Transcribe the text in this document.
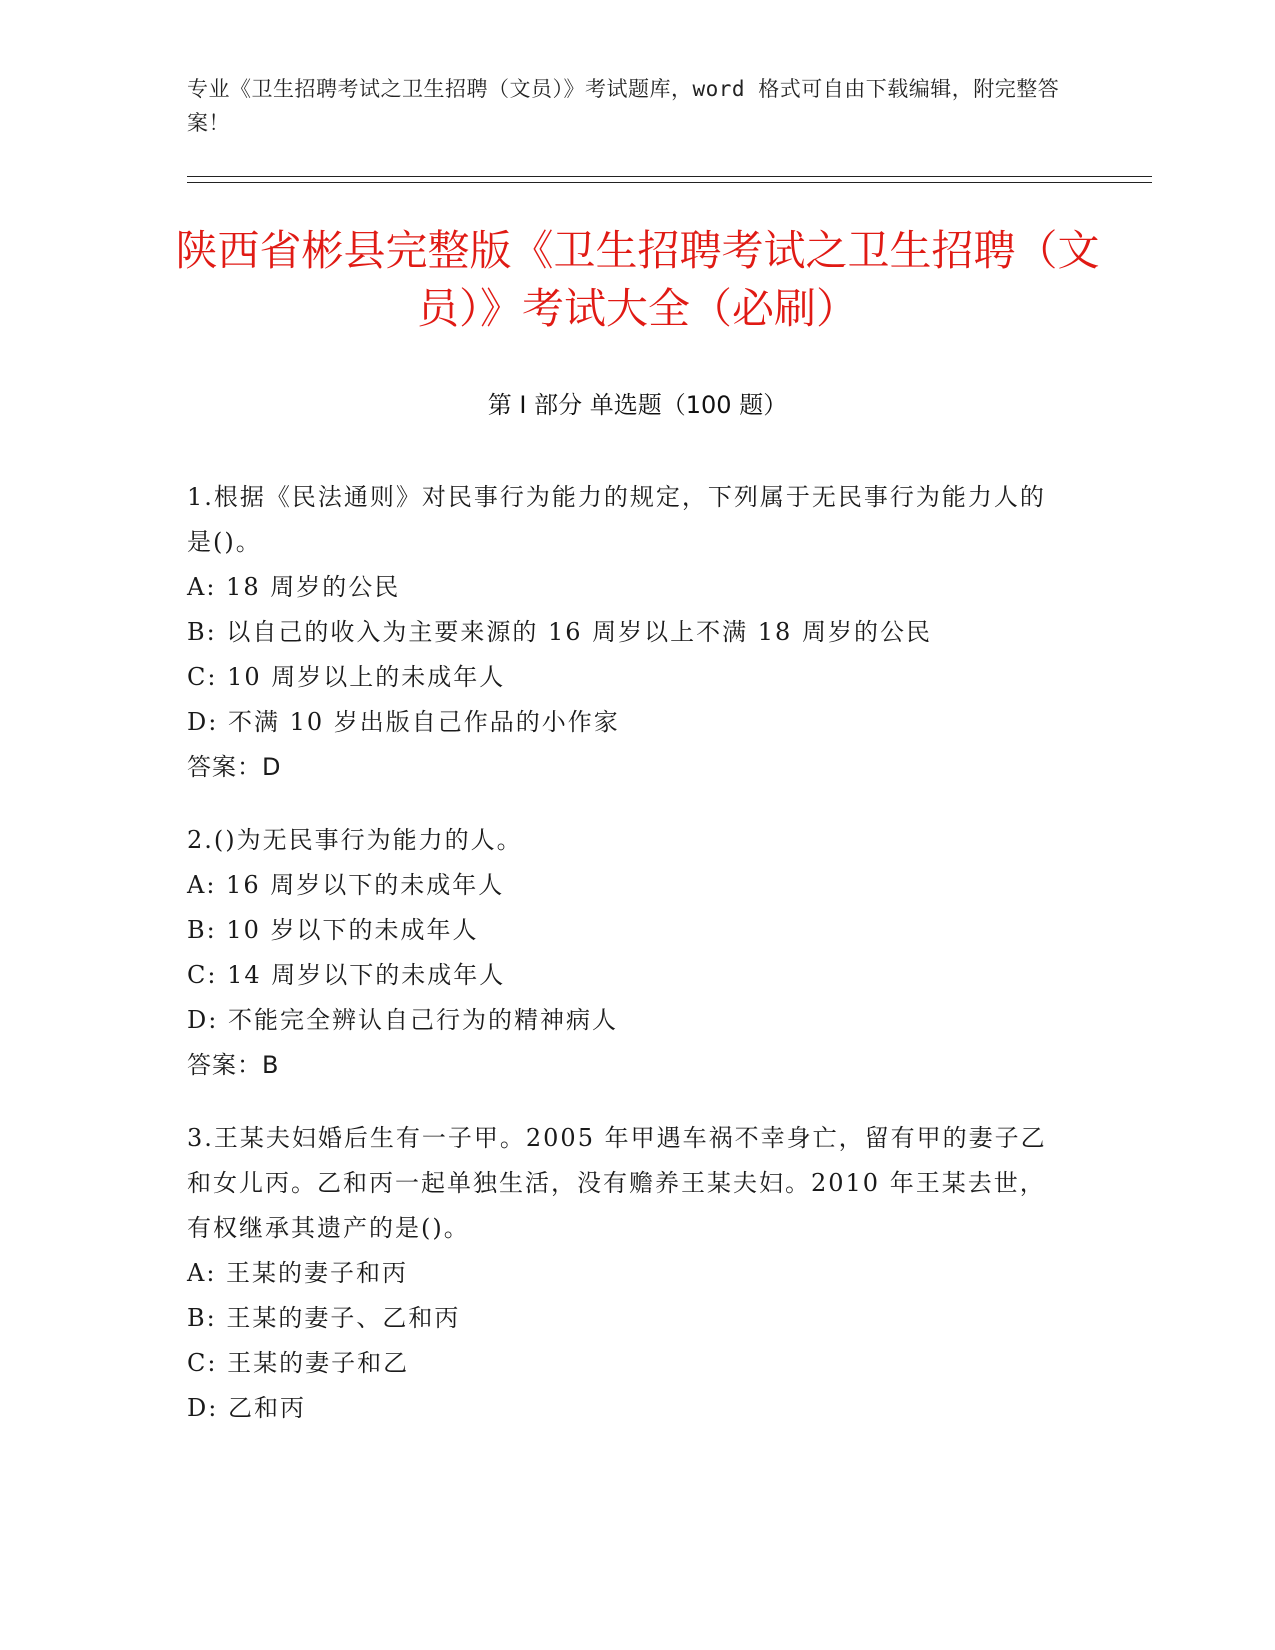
专业《卫生招聘考试之卫生招聘（文员）》考试题库，word 格式可自由下载编辑，附完整答案！
陕西省彬县完整版《卫生招聘考试之卫生招聘（文员）》考试大全（必刷）
第 I 部分 单选题（100 题）
1.根据《民法通则》对民事行为能力的规定，下列属于无民事行为能力人的是()。
A: 18 周岁的公民
B: 以自己的收入为主要来源的 16 周岁以上不满 18 周岁的公民
C: 10 周岁以上的未成年人
D: 不满 10 岁出版自己作品的小作家
答案：D
2.()为无民事行为能力的人。
A: 16 周岁以下的未成年人
B: 10 岁以下的未成年人
C: 14 周岁以下的未成年人
D: 不能完全辨认自己行为的精神病人
答案：B
3.王某夫妇婚后生有一子甲。2005 年甲遇车祸不幸身亡，留有甲的妻子乙和女儿丙。乙和丙一起单独生活，没有赡养王某夫妇。2010 年王某去世，有权继承其遗产的是()。
A: 王某的妻子和丙
B: 王某的妻子、乙和丙
C: 王某的妻子和乙
D: 乙和丙
